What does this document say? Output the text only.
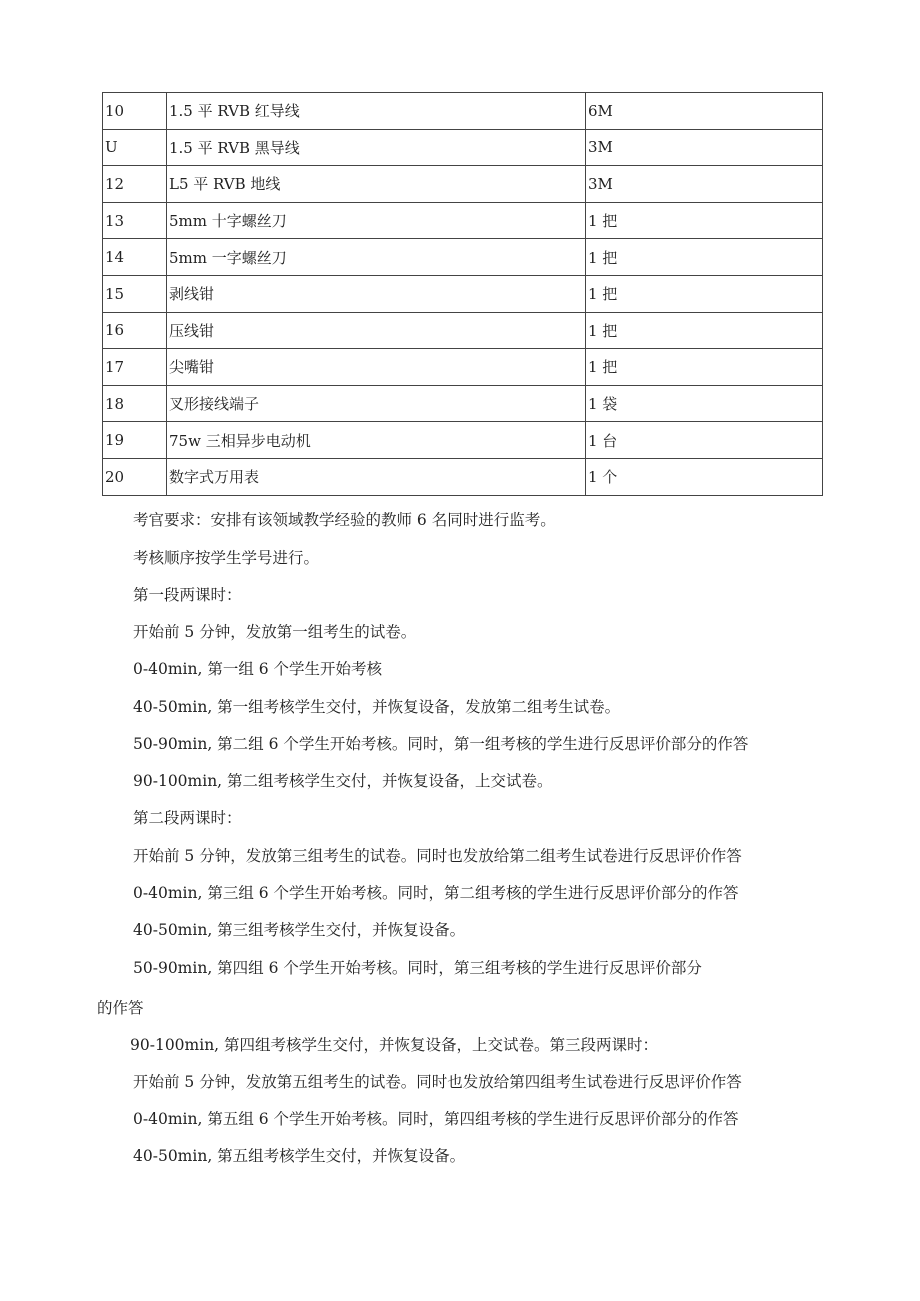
10	1.5 平 RVB 红导线	6M
U	1.5 平 RVB 黑导线	3M
12	L5 平 RVB 地线	3M
13	5mm 十字螺丝刀	1 把
14	5mm 一字螺丝刀	1 把
15	剥线钳	1 把
16	压线钳	1 把
17	尖嘴钳	1 把
18	叉形接线端子	1 袋
19	75w 三相异步电动机	1 台
20	数字式万用表	1 个
考官要求：安排有该领域教学经验的教师 6 名同时进行监考。
考核顺序按学生学号进行。
第一段两课时：
开始前 5 分钟，发放第一组考生的试卷。
0-40min, 第一组 6 个学生开始考核
40-50min, 第一组考核学生交付，并恢复设备，发放第二组考生试卷。
50-90min, 第二组 6 个学生开始考核。同时，第一组考核的学生进行反思评价部分的作答
90-100min, 第二组考核学生交付，并恢复设备，上交试卷。
第二段两课时：
开始前 5 分钟，发放第三组考生的试卷。同时也发放给第二组考生试卷进行反思评价作答
0-40min, 第三组 6 个学生开始考核。同时，第二组考核的学生进行反思评价部分的作答
40-50min, 第三组考核学生交付，并恢复设备。
50-90min, 第四组 6 个学生开始考核。同时，第三组考核的学生进行反思评价部分
的作答
90-100min, 第四组考核学生交付，并恢复设备，上交试卷。第三段两课时：
开始前 5 分钟，发放第五组考生的试卷。同时也发放给第四组考生试卷进行反思评价作答
0-40min, 第五组 6 个学生开始考核。同时，第四组考核的学生进行反思评价部分的作答
40-50min, 第五组考核学生交付，并恢复设备。
